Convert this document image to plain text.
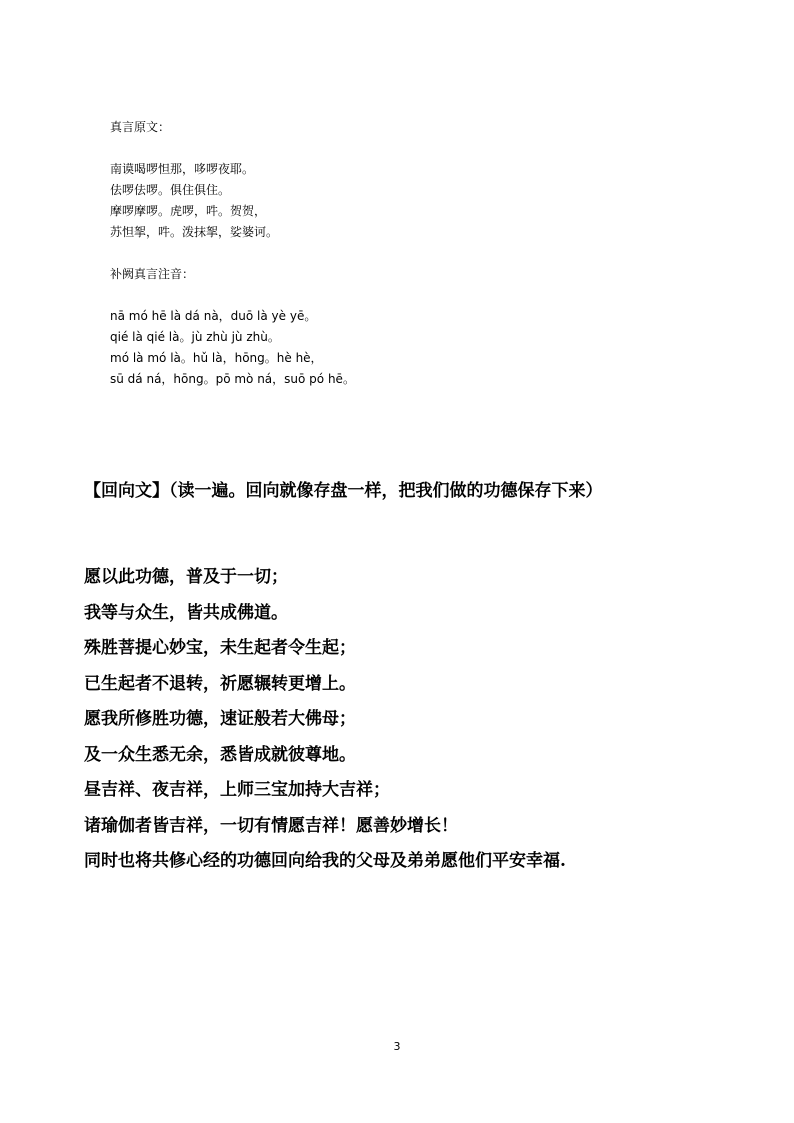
真言原文：
南谟喝啰怛那，哆啰夜耶。
佉啰佉啰。俱住俱住。
摩啰摩啰。虎啰，吽。贺贺，
苏怛挐，吽。泼抹挐，娑婆诃。
补阙真言注音：
nā mó hē là dá nà，duō là yè yē。
qié là qié là。jù zhù jù zhù。
mó là mó là。hǔ là，hōng。hè hè，
sū dá ná，hōng。pō mò ná，suō pó hē。
【回向文】（读一遍。回向就像存盘一样，把我们做的功德保存下来）
愿以此功德，普及于一切；
我等与众生，皆共成佛道。
殊胜菩提心妙宝，未生起者令生起；
已生起者不退转，祈愿辗转更增上。
愿我所修胜功德，速证般若大佛母；
及一众生悉无余，悉皆成就彼尊地。
昼吉祥、夜吉祥，上师三宝加持大吉祥；
诸瑜伽者皆吉祥，一切有情愿吉祥！愿善妙增长！
同时也将共修心经的功德回向给我的父母及弟弟愿他们平安幸福.
3
